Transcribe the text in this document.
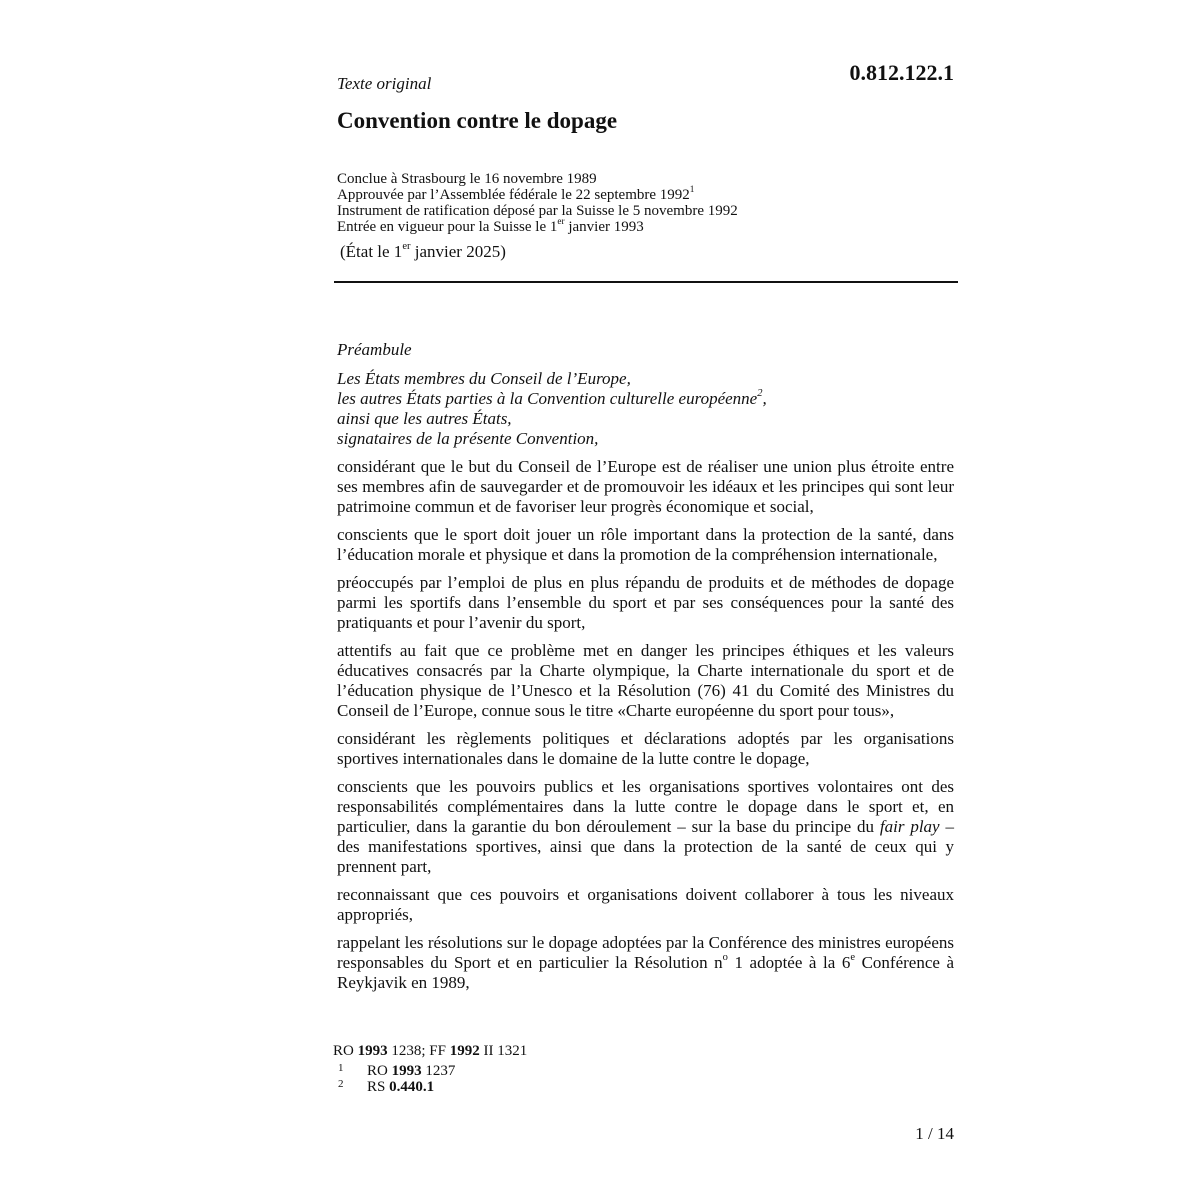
Texte original	0.812.122.1
Convention contre le dopage
Conclue à Strasbourg le 16 novembre 1989
Approuvée par l’Assemblée fédérale le 22 septembre 1992$^1$
Instrument de ratification déposé par la Suisse le 5 novembre 1992
Entrée en vigueur pour la Suisse le 1er janvier 1993
(État le 1er janvier 2025)
Préambule
Les États membres du Conseil de l’Europe,
les autres États parties à la Convention culturelle européenne$^2$,
ainsi que les autres États,
signataires de la présente Convention,
considérant que le but du Conseil de l’Europe est de réaliser une union plus étroite entre ses membres afin de sauvegarder et de promouvoir les idéaux et les principes qui sont leur patrimoine commun et de favoriser leur progrès économique et social,
conscients que le sport doit jouer un rôle important dans la protection de la santé, dans l’éducation morale et physique et dans la promotion de la compréhension internationale,
préoccupés par l’emploi de plus en plus répandu de produits et de méthodes de dopage parmi les sportifs dans l’ensemble du sport et par ses conséquences pour la santé des pratiquants et pour l’avenir du sport,
attentifs au fait que ce problème met en danger les principes éthiques et les valeurs éducatives consacrés par la Charte olympique, la Charte internationale du sport et de l’éducation physique de l’Unesco et la Résolution (76) 41 du Comité des Ministres du Conseil de l’Europe, connue sous le titre «Charte européenne du sport pour tous»,
considérant les règlements politiques et déclarations adoptés par les organisations sportives internationales dans le domaine de la lutte contre le dopage,
conscients que les pouvoirs publics et les organisations sportives volontaires ont des responsabilités complémentaires dans la lutte contre le dopage dans le sport et, en particulier, dans la garantie du bon déroulement – sur la base du principe du fair play – des manifestations sportives, ainsi que dans la protection de la santé de ceux qui y prennent part,
reconnaissant que ces pouvoirs et organisations doivent collaborer à tous les niveaux appropriés,
rappelant les résolutions sur le dopage adoptées par la Conférence des ministres européens responsables du Sport et en particulier la Résolution $n^o$ 1 adoptée à la 6e Conférence à Reykjavik en 1989,
RO 1993 1238; FF 1992 II 1321
1	RO 1993 1237
2	RS 0.440.1
1 / 14
